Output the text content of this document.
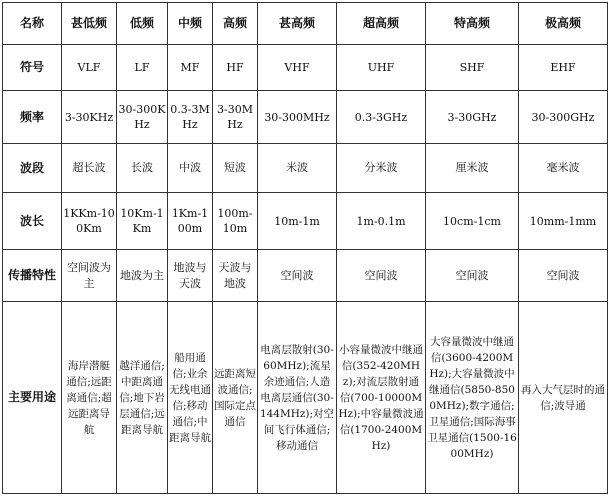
名称	甚低频	低频	中频	高频	甚高频	超高频	特高频	极高频
符号	VLF	LF	MF	HF	VHF	UHF	SHF	EHF
频率	3-30KHz	30-300KHz	0.3-3MHz	3-30MHz	30-300MHz	0.3-3GHz	3-30GHz	30-300GHz
波段	超长波	长波	中波	短波	米波	分米波	厘米波	毫米波
波长	1KKm-100Km	10Km-1Km	1Km-100m	100m-10m	10m-1m	1m-0.1m	10cm-1cm	10mm-1mm
传播特性	空间波为主	地波为主	地波与天波	天波与地波	空间波	空间波	空间波	空间波
主要用途	海岸潜艇通信;远距离通信;超远距离导航	越洋通信;中距离通信;地下岩层通信;远距离导航	船用通信;业余无线电通信;移动通信;中距离导航	远距离短波通信;国际定点通信	电离层散射(30-60MHz);流星余迹通信;人造电离层通信(30-144MHz);对空间飞行体通信;移动通信	小容量微波中继通信(352-420MHz);对流层散射通信(700-10000MHz);中容量微波通信(1700-2400MHz)	大容量微波中继通信(3600-4200MHz);大容量微波中继通信(5850-8500MHz);数字通信;卫星通信;国际海事卫星通信(1500-1600MHz)	再入大气层时的通信;波导通
